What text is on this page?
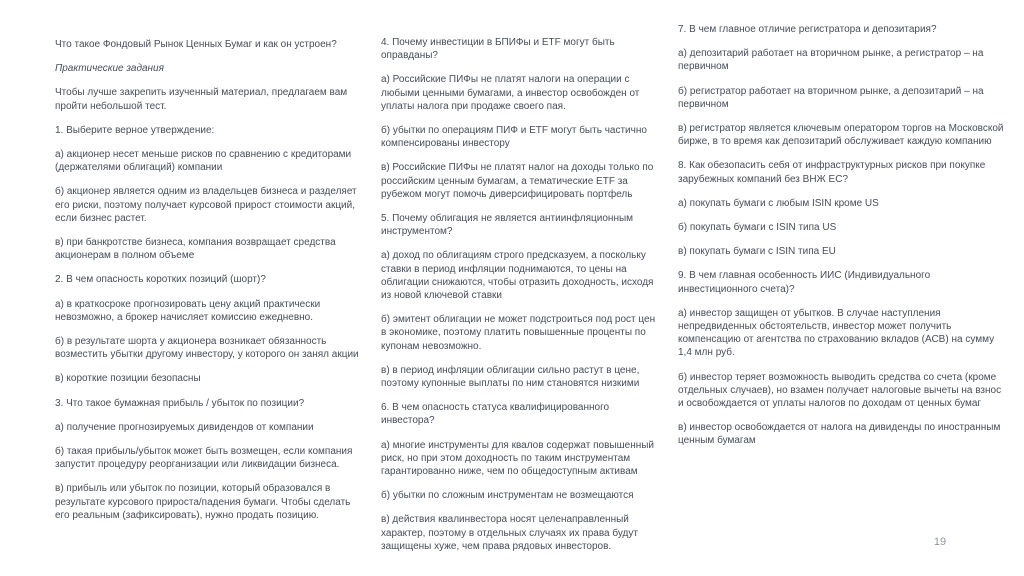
Что такое Фондовый Рынок Ценных Бумаг и как он устроен?

Практические задания

Чтобы лучше закрепить изученный материал, предлагаем вам пройти небольшой тест.

1. Выберите верное утверждение:

а) акционер несет меньше рисков по сравнению с кредиторами (держателями облигаций) компании

б) акционер является одним из владельцев бизнеса и разделяет его риски, поэтому получает курсовой прирост стоимости акций, если бизнес растет.

в) при банкротстве бизнеса, компания возвращает средства акционерам в полном объеме

2. В чем опасность коротких позиций (шорт)?

а) в краткосроке прогнозировать цену акций практически невозможно, а брокер начисляет комиссию ежедневно.

б) в результате шорта у акционера возникает обязанность возместить убытки другому инвестору, у которого он занял акции

в) короткие позиции безопасны

3. Что такое бумажная прибыль / убыток по позиции?

а) получение прогнозируемых дивидендов от компании

б) такая прибыль/убыток может быть возмещен, если компания запустит процедуру реорганизации или ликвидации бизнеса.

в) прибыль или убыток по позиции, который образовался в результате курсового прироста/падения бумаги. Чтобы сделать его реальным (зафиксировать), нужно продать позицию.

4. Почему инвестиции в БПИФы и ETF могут быть оправданы?

а) Российские ПИФы не платят налоги на операции с любыми ценными бумагами, а инвестор освобожден от уплаты налога при продаже своего пая.

б) убытки по операциям ПИФ и ETF могут быть частично компенсированы инвестору

в) Российские ПИФы не платят налог на доходы только по российским ценным бумагам, а тематические ETF за рубежом могут помочь диверсифицировать портфель

5. Почему облигация не является антиинфляционным инструментом?

а) доход по облигациям строго предсказуем, а поскольку ставки в период инфляции поднимаются, то цены на облигации снижаются, чтобы отразить доходность, исходя из новой ключевой ставки

б) эмитент облигации не может подстроиться под рост цен в экономике, поэтому платить повышенные проценты по купонам невозможно.

в) в период инфляции облигации сильно растут в цене, поэтому купонные выплаты по ним становятся низкими

6. В чем опасность статуса квалифицированного инвестора?

а) многие инструменты для квалов содержат повышенный риск, но при этом доходность по таким инструментам гарантированно ниже, чем по общедоступным активам

б) убытки по сложным инструментам не возмещаются

в) действия квалинвестора носят целенаправленный характер, поэтому в отдельных случаях их права будут защищены хуже, чем права рядовых инвесторов.

7. В чем главное отличие регистратора и депозитария?

а) депозитарий работает на вторичном рынке, а регистратор – на первичном

б) регистратор работает на вторичном рынке, а депозитарий – на первичном

в) регистратор является ключевым оператором торгов на Московской бирже, в то время как депозитарий обслуживает каждую компанию

8. Как обезопасить себя от инфраструктурных рисков при покупке зарубежных компаний без ВНЖ ЕС?

а) покупать бумаги с любым ISIN кроме US

б) покупать бумаги с ISIN типа US

в) покупать бумаги с ISIN типа EU

9. В чем главная особенность ИИС (Индивидуального инвестиционного счета)?

а) инвестор защищен от убытков. В случае наступления непредвиденных обстоятельств, инвестор может получить компенсацию от агентства по страхованию вкладов (АСВ) на сумму 1,4 млн руб.

б) инвестор теряет возможность выводить средства со счета (кроме отдельных случаев), но взамен получает налоговые вычеты на взнос и освобождается от уплаты налогов по доходам от ценных бумаг

в) инвестор освобождается от налога на дивиденды по иностранным ценным бумагам

19
